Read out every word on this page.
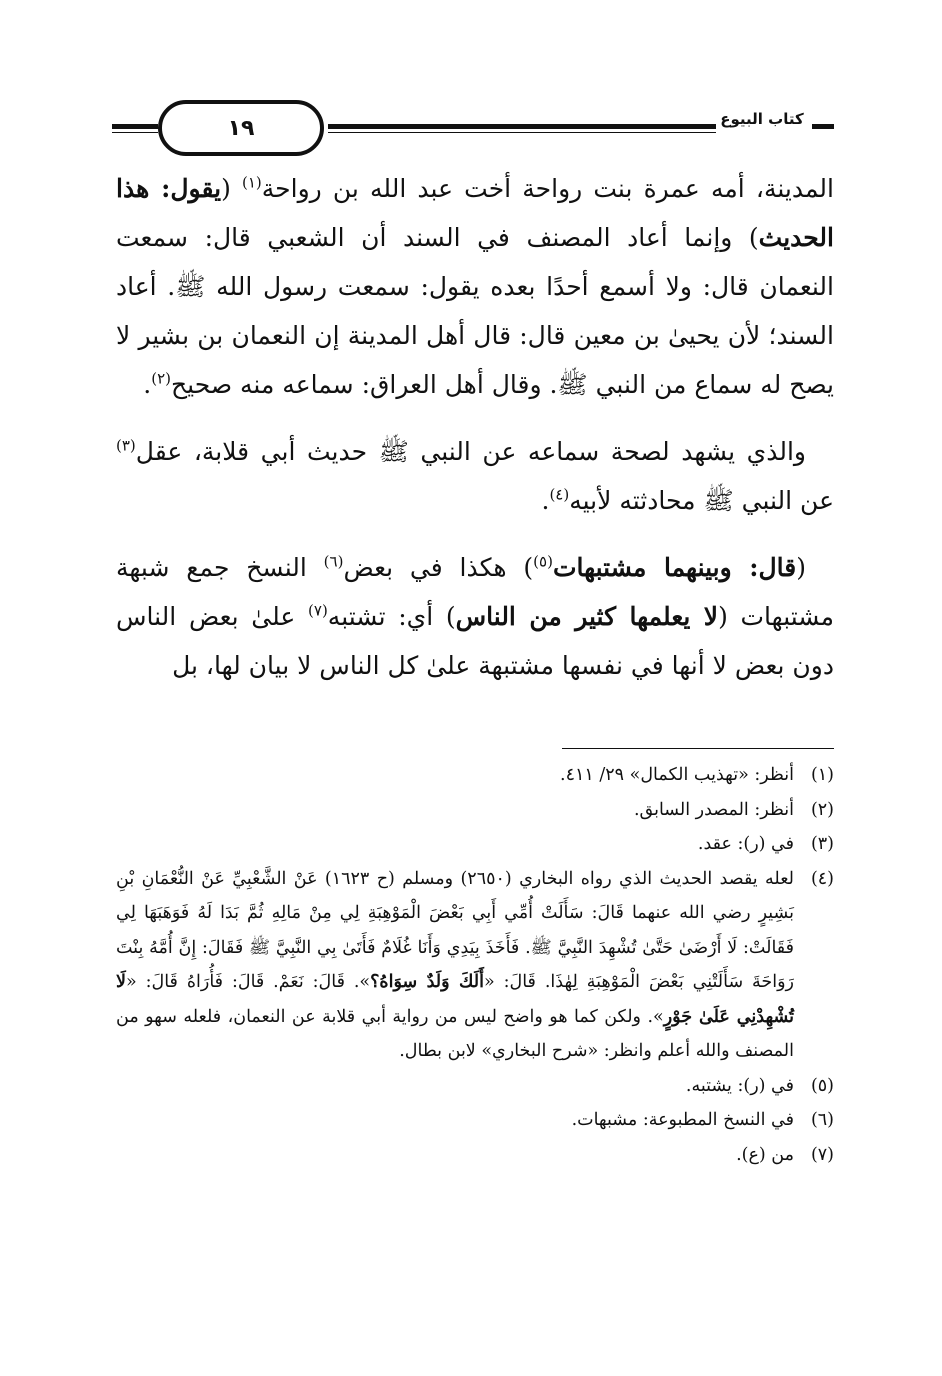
كتاب البيوع
١٩

المدينة، أمه عمرة بنت رواحة أخت عبد الله بن رواحة$^{(١)}$ (يقول: هذا الحديث) وإنما أعاد المصنف في السند أن الشعبي قال: سمعت النعمان قال: ولا أسمع أحدًا بعده يقول: سمعت رسول الله ﷺ. أعاد السند؛ لأن يحيىٰ بن معين قال: قال أهل المدينة إن النعمان بن بشير لا يصح له سماع من النبي ﷺ. وقال أهل العراق: سماعه منه صحيح$^{(٢)}$.

والذي يشهد لصحة سماعه عن النبي ﷺ حديث أبي قلابة، عقل$^{(٣)}$ عن النبي ﷺ محادثته لأبيه$^{(٤)}$.

(قال: وبينهما مشتبهات$^{(٥)}$) هكذا في بعض$^{(٦)}$ النسخ جمع شبهة مشتبهات (لا يعلمها كثير من الناس) أي: تشتبه$^{(٧)}$ علىٰ بعض الناس دون بعض لا أنها في نفسها مشتبهة علىٰ كل الناس لا بيان لها، بل

(١)
أنظر: «تهذيب الكمال» ٢٩/ ٤١١.
(٢)
أنظر: المصدر السابق.
(٣)
في (ر): عقد.
(٤)
لعله يقصد الحديث الذي رواه البخاري (٢٦٥٠) ومسلم (ح ١٦٢٣) عَنْ الشَّعْبِيِّ عَنْ النُّعْمَانِ بْنِ بَشِيرٍ رضي الله عنهما قَالَ: سَأَلَتْ أُمِّي أَبِي بَعْضَ الْمَوْهِبَةِ لِي مِنْ مَالِهِ ثُمَّ بَدَا لَهُ فَوَهَبَهَا لِي فَقَالَتْ: لَا أَرْضَىٰ حَتَّىٰ تُشْهِدَ النَّبِيَّ ﷺ. فَأَخَذَ بِيَدِي وَأَنَا غُلَامٌ فَأَتَىٰ بِي النَّبِيَّ ﷺ فَقَالَ: إِنَّ أُمَّهُ بِنْتَ رَوَاحَةَ سَأَلَتْنِي بَعْضَ الْمَوْهِبَةِ لِهٰذَا. قَالَ: «أَلَكَ وَلَدٌ سِوَاهُ؟». قَالَ: نَعَمْ. قَالَ: فَأُرَاهُ قَالَ: «لَا تُشْهِدْنِي عَلَىٰ جَوْرٍ». ولكن كما هو واضح ليس من رواية أبي قلابة عن النعمان، فلعله سهو من المصنف والله أعلم وانظر: «شرح البخاري» لابن بطال.
(٥)
في (ر): يشتبه.
(٦)
في النسخ المطبوعة: مشبهات.
(٧)
من (ع).
